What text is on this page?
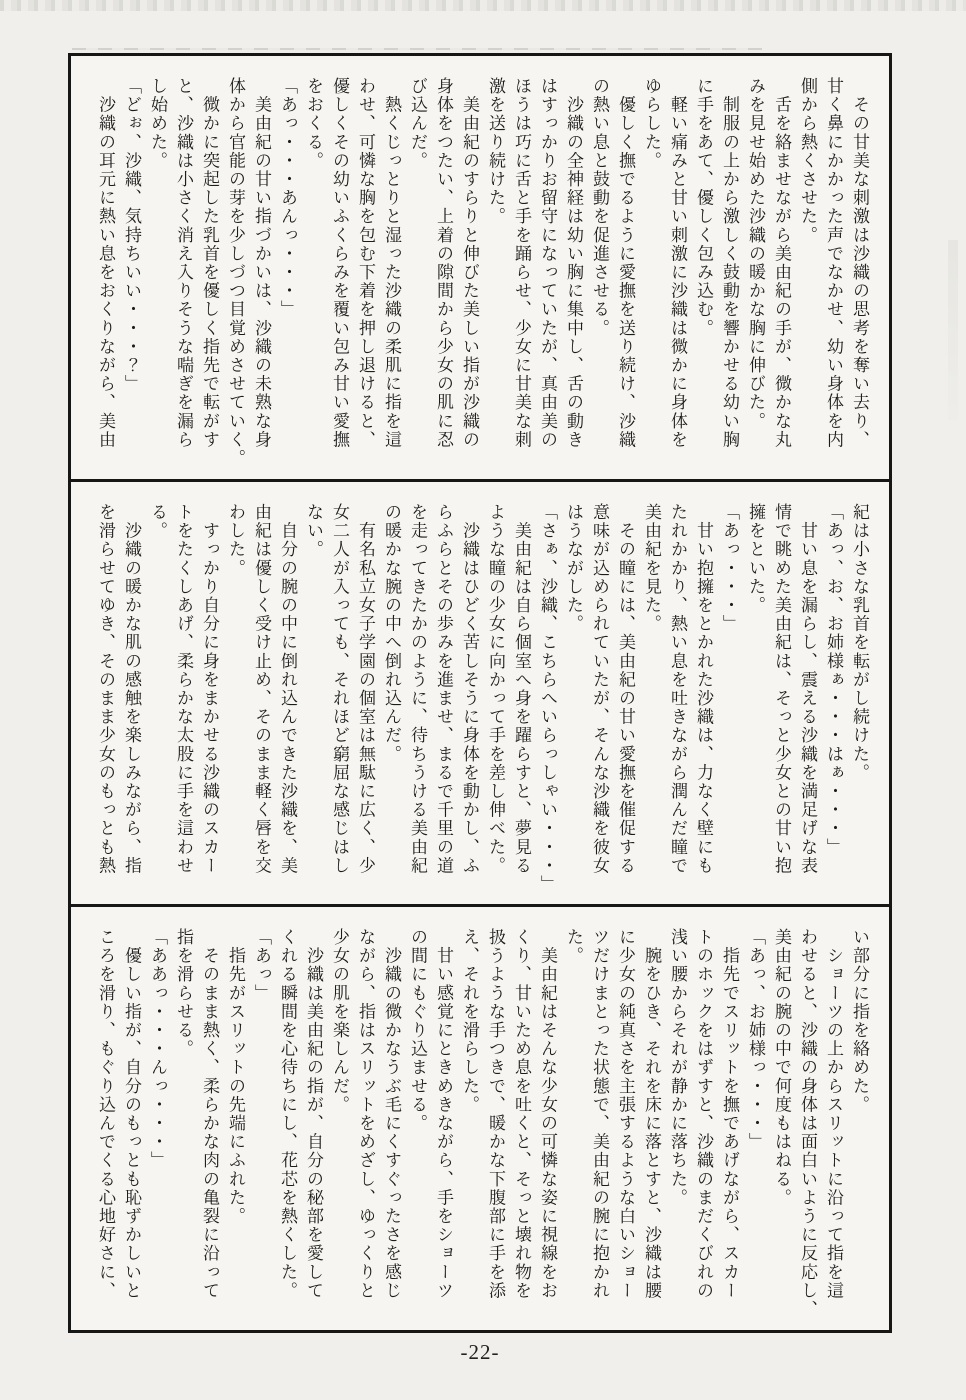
　その甘美な刺激は沙織の思考を奪い去り、

甘く鼻にかかった声でなかせ、幼い身体を内

側から熱くさせた。

　舌を絡ませながら美由紀の手が、微かな丸

みを見せ始めた沙織の暖かな胸に伸びた。

　制服の上から激しく鼓動を響かせる幼い胸

に手をあて、優しく包み込む。

　軽い痛みと甘い刺激に沙織は微かに身体を

ゆらした。

　優しく撫でるように愛撫を送り続け、沙織

の熱い息と鼓動を促進させる。

　沙織の全神経は幼い胸に集中し、舌の動き

はすっかりお留守になっていたが、真由美の

ほうは巧に舌と手を踊らせ、少女に甘美な刺

激を送り続けた。

　美由紀のすらりと伸びた美しい指が沙織の

身体をつたい、上着の隙間から少女の肌に忍

び込んだ。

　熱くじっとりと湿った沙織の柔肌に指を這

わせ、可憐な胸を包む下着を押し退けると、

優しくその幼いふくらみを覆い包み甘い愛撫

をおくる。

「あっ・・・あんっ・・・」

　美由紀の甘い指づかいは、沙織の未熟な身

体から官能の芽を少しづつ目覚めさせていく。

　微かに突起した乳首を優しく指先で転がす

と、沙織は小さく消え入りそうな喘ぎを漏ら

し始めた。

「どぉ、沙織、気持ちいい・・・？」

　沙織の耳元に熱い息をおくりながら、美由

紀は小さな乳首を転がし続けた。

「あっ、お、お姉様ぁ・・・はぁ・・・」

　甘い息を漏らし、震える沙織を満足げな表

情で眺めた美由紀は、そっと少女との甘い抱

擁をといた。

「あっ・・・」

　甘い抱擁をとかれた沙織は、力なく壁にも

たれかかり、熱い息を吐きながら潤んだ瞳で

美由紀を見た。

　その瞳には、美由紀の甘い愛撫を催促する

意味が込められていたが、そんな沙織を彼女

はうながした。

「さぁ、沙織、こちらへいらっしゃい・・・」

　美由紀は自ら個室へ身を躍らすと、夢見る

ような瞳の少女に向かって手を差し伸べた。

　沙織はひどく苦しそうに身体を動かし、ふ

らふらとその歩みを進ませ、まるで千里の道

を走ってきたかのように、待ちうける美由紀

の暖かな腕の中へ倒れ込んだ。

　有名私立女子学園の個室は無駄に広く、少

女二人が入っても、それほど窮屈な感じはし

ない。

　自分の腕の中に倒れ込んできた沙織を、美

由紀は優しく受け止め、そのまま軽く唇を交

わした。

　すっかり自分に身をまかせる沙織のスカー

トをたくしあげ、柔らかな太股に手を這わせ

る。

　沙織の暖かな肌の感触を楽しみながら、指

を滑らせてゆき、そのまま少女のもっとも熱

い部分に指を絡めた。

　ショーツの上からスリットに沿って指を這

わせると、沙織の身体は面白いように反応し、

美由紀の腕の中で何度もはねる。

「あっ、お姉様っ・・・」

　指先でスリットを撫であげながら、スカー

トのホックをはずすと、沙織のまだくびれの

浅い腰からそれが静かに落ちた。

　腕をひき、それを床に落とすと、沙織は腰

に少女の純真さを主張するような白いショー

ツだけまとった状態で、美由紀の腕に抱かれ

た。

　美由紀はそんな少女の可憐な姿に視線をお

くり、甘いため息を吐くと、そっと壊れ物を

扱うような手つきで、暖かな下腹部に手を添

え、それを滑らした。

　甘い感覚にときめきながら、手をショーツ

の間にもぐり込ませる。

　沙織の微かなうぶ毛にくすぐったさを感じ

ながら、指はスリットをめざし、ゆっくりと

少女の肌を楽しんだ。

　沙織は美由紀の指が、自分の秘部を愛して

くれる瞬間を心待ちにし、花芯を熱くした。

「あっ」

　指先がスリットの先端にふれた。

　そのまま熱く、柔らかな肉の亀裂に沿って

指を滑らせる。

「ああっ・・・んっ・・・」

　優しい指が、自分のもっとも恥ずかしいと

ころを滑り、もぐり込んでくる心地好さに、

-22-
